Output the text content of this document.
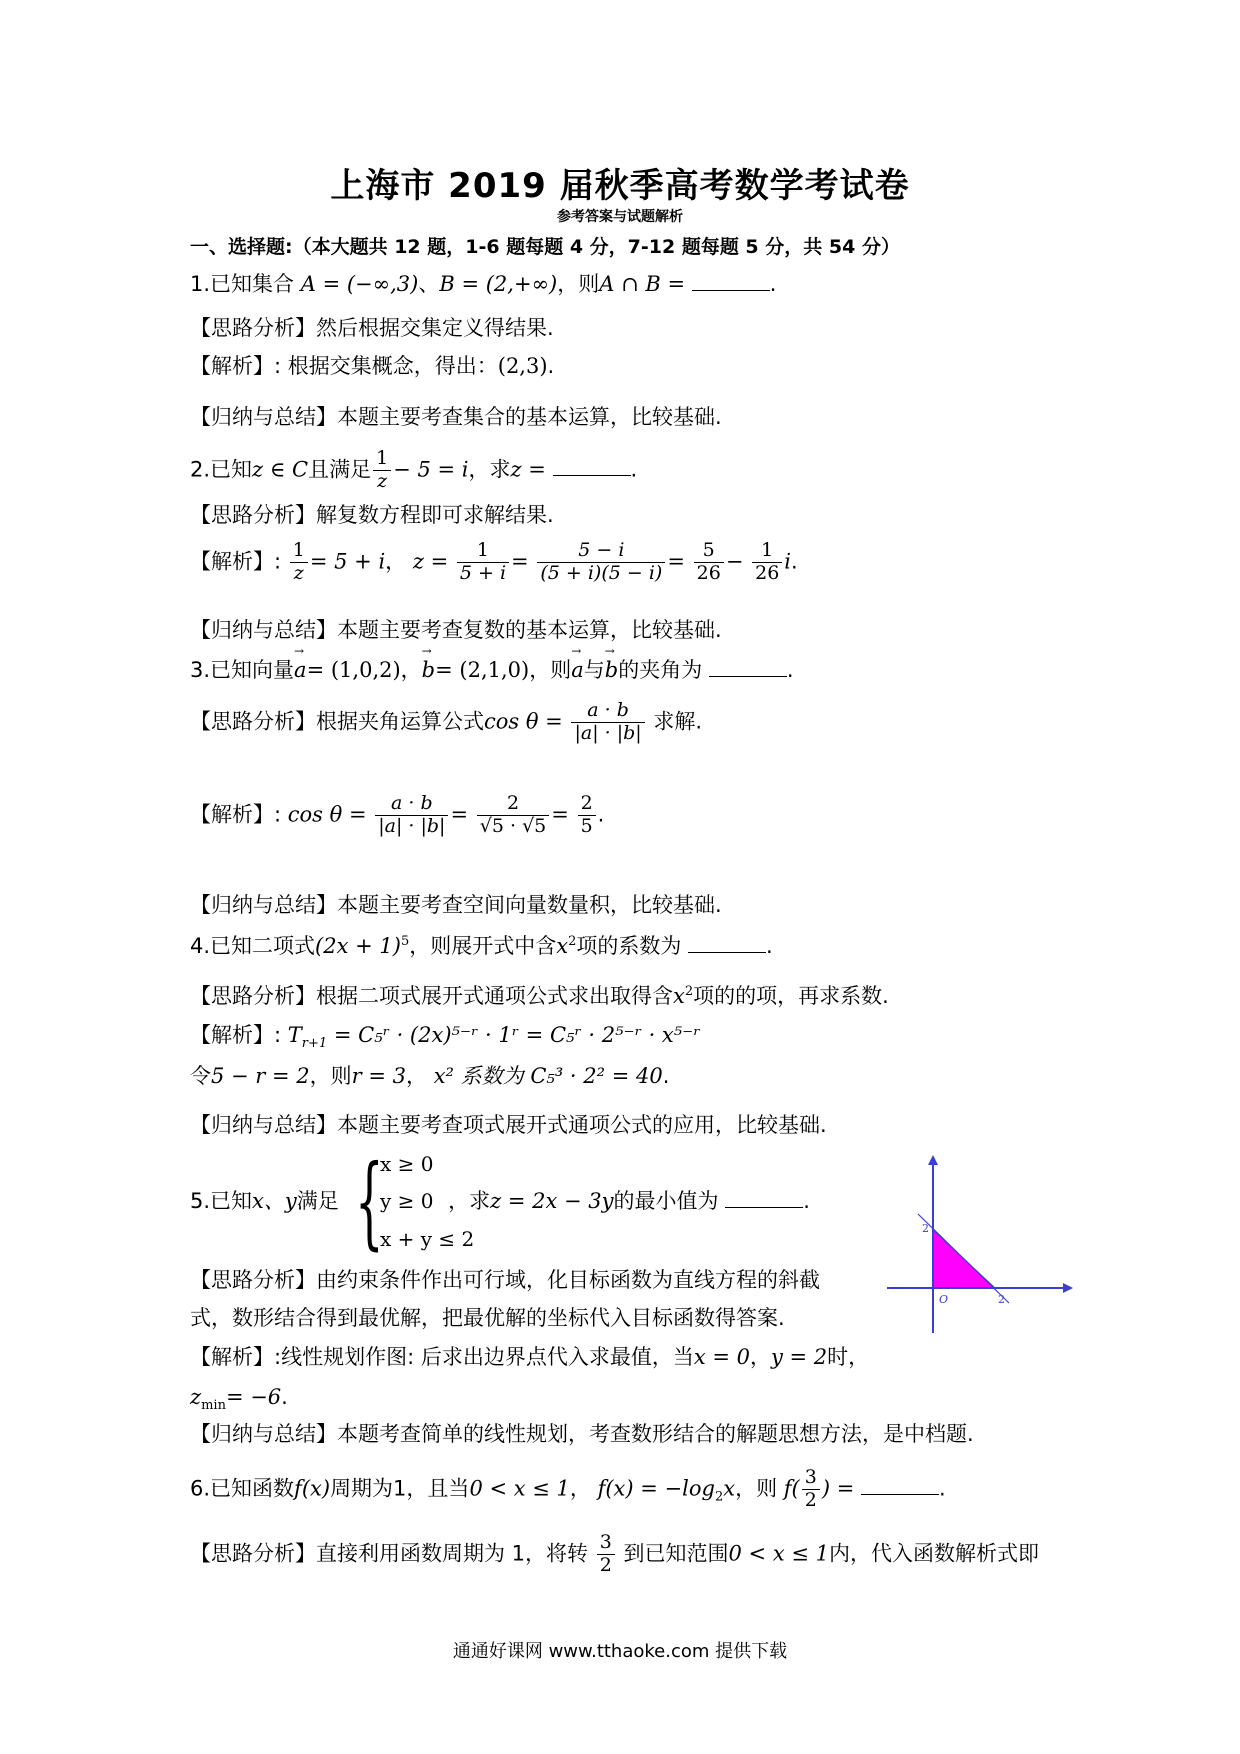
上海市 2019 届秋季高考数学考试卷
参考答案与试题解析
一、选择题:（本大题共 12 题，1-6 题每题 4 分，7-12 题每题 5 分，共 54 分）
1.已知集合 A = (−∞,3)、B = (2,+∞)，则A ∩ B =	.
【思路分析】然后根据交集定义得结果.
【解析】: 根据交集概念，得出：(2,3).
【归纳与总结】本题主要考查集合的基本运算，比较基础.
2.已知z ∈ C且满足 $\frac{1}{z} - 5 = i$，求z =	.
【思路分析】解复数方程即可求解结果.
【解析】: $\frac{1}{z} = 5 + i$， $z = \frac{1}{5 + i} = \frac{5 - i}{(5 + i)(5 - i)} = \frac{5}{26} - \frac{1}{26} i$.
【归纳与总结】本题主要考查复数的基本运算，比较基础.
3.已知向量→ a= (1,0,2)，→ b= (2,1,0)，则→ a与→ b的夹角为	.
【思路分析】根据夹角运算公式$\cos \theta = \frac{a \cdot b}{|a| \cdot |b|}$ 求解.
【解析】: $\cos \theta = \frac{a \cdot b}{|a| \cdot |b|} = \frac{2}{√5 \cdot √5} = \frac{2}{5}$ .
【归纳与总结】本题主要考查空间向量数量积，比较基础.
4.已知二项式$(2x + 1)^5$，则展开式中含$x^2$项的系数为	.
【思路分析】根据二项式展开式通项公式求出取得含$x^2$项的的项，再求系数.
【解析】: $T_{r+1}$ = C₅ʳ · (2x)⁵⁻ʳ · 1ʳ = C₅ʳ · 2⁵⁻ʳ · x⁵⁻ʳ
令5 − r = 2，则r = 3， x² 系数为 C₅³ · 2² = 40.
【归纳与总结】本题主要考查项式展开式通项公式的应用，比较基础.
{
x ≥ 0
y ≥ 0
x + y ≤ 2
5.已知x、y满足	，求z = 2x − 3y的最小值为	.
2
O	2
【思路分析】由约束条件作出可行域，化目标函数为直线方程的斜截
式，数形结合得到最优解，把最优解的坐标代入目标函数得答案.
【解析】:线性规划作图: 后求出边界点代入求最值，当x = 0，y = 2时，
$z_{min}= -6$.
【归纳与总结】本题考查简单的线性规划，考查数形结合的解题思想方法，是中档题.
6.已知函数f(x)周期为1，且当0 < x ≤ 1， $f(x) = -\log_2x$，则 $f( \frac{3}{2}$ ) =	.
【思路分析】直接利用函数周期为 1，将转 $\frac{3}{2}$ 到已知范围0 < x ≤ 1内，代入函数解析式即
通通好课网 www.tthaoke.com 提供下载
